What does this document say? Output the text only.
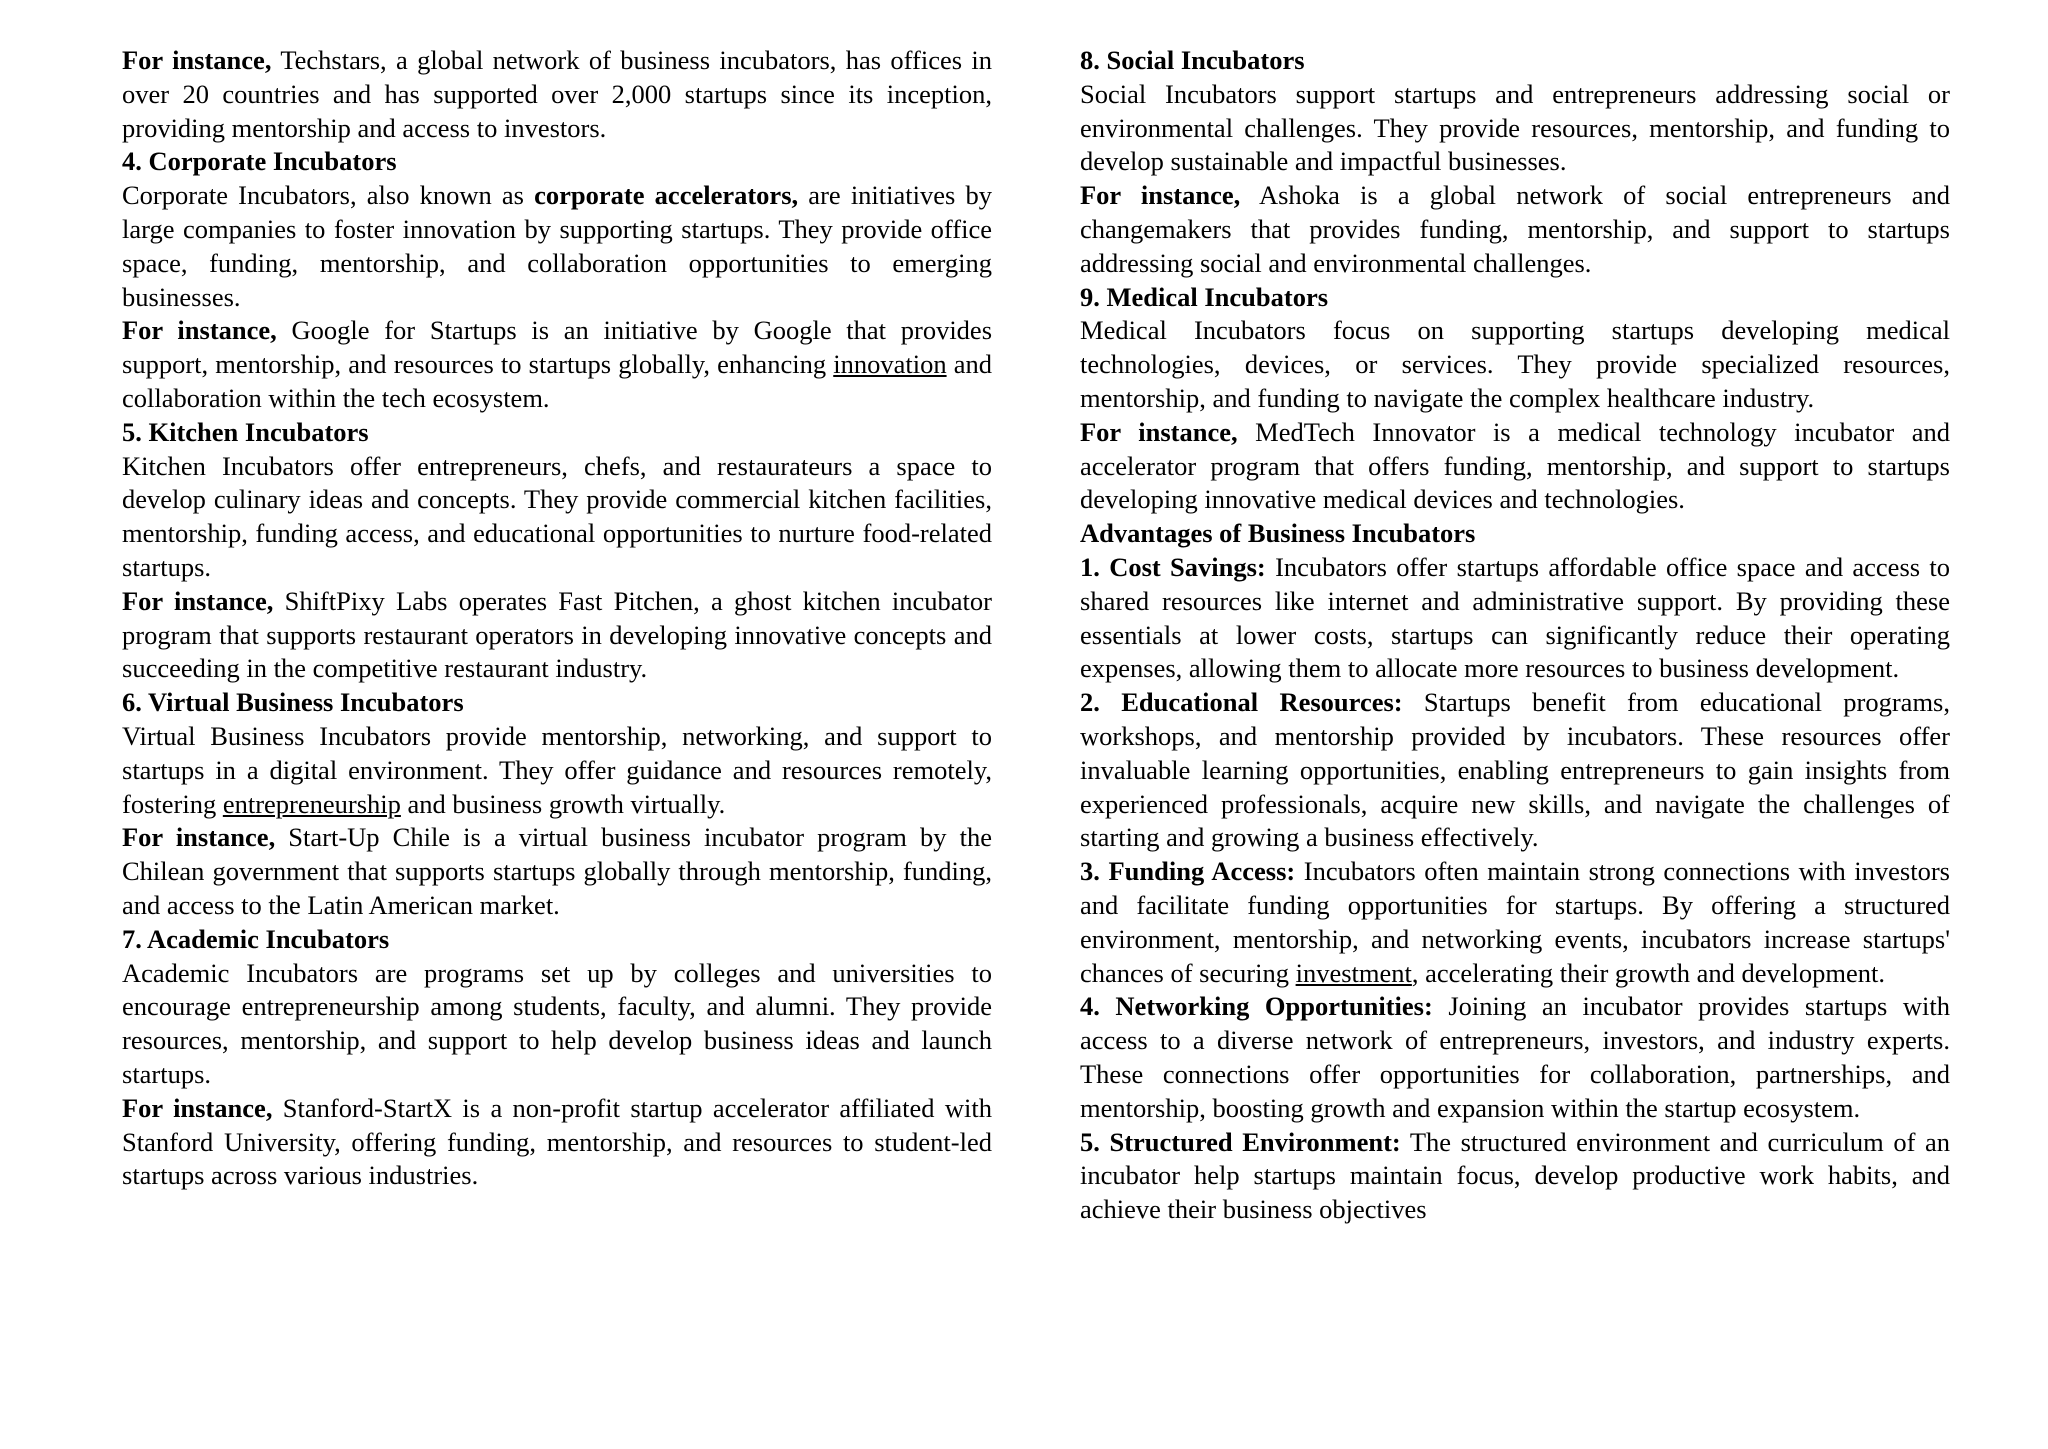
For instance, Techstars, a global network of business incubators, has offices in over 20 countries and has supported over 2,000 startups since its inception, providing mentorship and access to investors.

4. Corporate Incubators

Corporate Incubators, also known as corporate accelerators, are initiatives by large companies to foster innovation by supporting startups. They provide office space, funding, mentorship, and collaboration opportunities to emerging businesses.

For instance, Google for Startups is an initiative by Google that provides support, mentorship, and resources to startups globally, enhancing innovation and collaboration within the tech ecosystem.

5. Kitchen Incubators

Kitchen Incubators offer entrepreneurs, chefs, and restaurateurs a space to develop culinary ideas and concepts. They provide commercial kitchen facilities, mentorship, funding access, and educational opportunities to nurture food-related startups.

For instance, ShiftPixy Labs operates Fast Pitchen, a ghost kitchen incubator program that supports restaurant operators in developing innovative concepts and succeeding in the competitive restaurant industry.

6. Virtual Business Incubators

Virtual Business Incubators provide mentorship, networking, and support to startups in a digital environment. They offer guidance and resources remotely, fostering entrepreneurship and business growth virtually.

For instance, Start-Up Chile is a virtual business incubator program by the Chilean government that supports startups globally through mentorship, funding, and access to the Latin American market.

7. Academic Incubators

Academic Incubators are programs set up by colleges and universities to encourage entrepreneurship among students, faculty, and alumni. They provide resources, mentorship, and support to help develop business ideas and launch startups.

For instance, Stanford-StartX is a non-profit startup accelerator affiliated with Stanford University, offering funding, mentorship, and resources to student-led startups across various industries.

8. Social Incubators

Social Incubators support startups and entrepreneurs addressing social or environmental challenges. They provide resources, mentorship, and funding to develop sustainable and impactful businesses.

For instance, Ashoka is a global network of social entrepreneurs and changemakers that provides funding, mentorship, and support to startups addressing social and environmental challenges.

9. Medical Incubators

Medical Incubators focus on supporting startups developing medical technologies, devices, or services. They provide specialized resources, mentorship, and funding to navigate the complex healthcare industry.

For instance, MedTech Innovator is a medical technology incubator and accelerator program that offers funding, mentorship, and support to startups developing innovative medical devices and technologies.

Advantages of Business Incubators

1. Cost Savings: Incubators offer startups affordable office space and access to shared resources like internet and administrative support. By providing these essentials at lower costs, startups can significantly reduce their operating expenses, allowing them to allocate more resources to business development.

2. Educational Resources: Startups benefit from educational programs, workshops, and mentorship provided by incubators. These resources offer invaluable learning opportunities, enabling entrepreneurs to gain insights from experienced professionals, acquire new skills, and navigate the challenges of starting and growing a business effectively.

3. Funding Access: Incubators often maintain strong connections with investors and facilitate funding opportunities for startups. By offering a structured environment, mentorship, and networking events, incubators increase startups' chances of securing investment, accelerating their growth and development.

4. Networking Opportunities: Joining an incubator provides startups with access to a diverse network of entrepreneurs, investors, and industry experts. These connections offer opportunities for collaboration, partnerships, and mentorship, boosting growth and expansion within the startup ecosystem.

5. Structured Environment: The structured environment and curriculum of an incubator help startups maintain focus, develop productive work habits, and achieve their business objectives
